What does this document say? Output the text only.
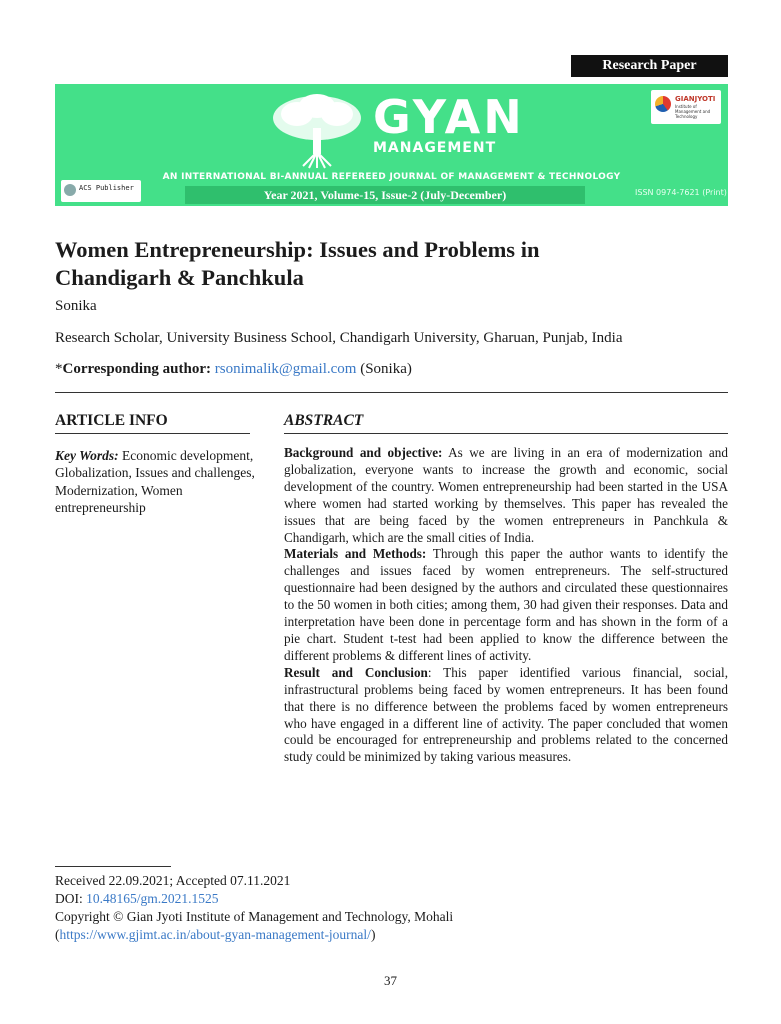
Research Paper
GYAN
MANAGEMENT
AN INTERNATIONAL BI-ANNUAL REFEREED JOURNAL OF MANAGEMENT & TECHNOLOGY
Year 2021, Volume-15, Issue-2 (July-December)	ISSN 0974-7621 (Print)
GIANJYOTI
Institute of Management and Technology
ACS Publisher
Women Entrepreneurship: Issues and Problems in
Chandigarh & Panchkula
Sonika
Research Scholar, University Business School, Chandigarh University, Gharuan, Punjab, India
*Corresponding author: rsonimalik@gmail.com (Sonika)
ARTICLE INFO
Key Words: Economic development, Globalization, Issues and challenges, Modernization, Women entrepreneurship
ABSTRACT

Background and objective: As we are living in an era of modernization and globalization, everyone wants to increase the growth and economic, social development of the country. Women entrepreneurship had been started in the USA where women had started working by themselves. This paper has revealed the issues that are being faced by the women entrepreneurs in Panchkula & Chandigarh, which are the small cities of India.

Materials and Methods: Through this paper the author wants to identify the challenges and issues faced by women entrepreneurs. The self-structured questionnaire had been designed by the authors and circulated these questionnaires to the 50 women in both cities; among them, 30 had given their responses. Data and interpretation have been done in percentage form and has shown in the form of a pie chart. Student t-test had been applied to know the difference between the different problems & different lines of activity.

Result and Conclusion: This paper identified various financial, social, infrastructural problems being faced by women entrepreneurs. It has been found that there is no difference between the problems faced by women entrepreneurs who have engaged in a different line of activity. The paper concluded that women could be encouraged for entrepreneurship and problems related to the concerned study could be minimized by taking various measures.

Received 22.09.2021; Accepted 07.11.2021
DOI: 10.48165/gm.2021.1525
Copyright © Gian Jyoti Institute of Management and Technology, Mohali
(https://www.gjimt.ac.in/about-gyan-management-journal/)
37
